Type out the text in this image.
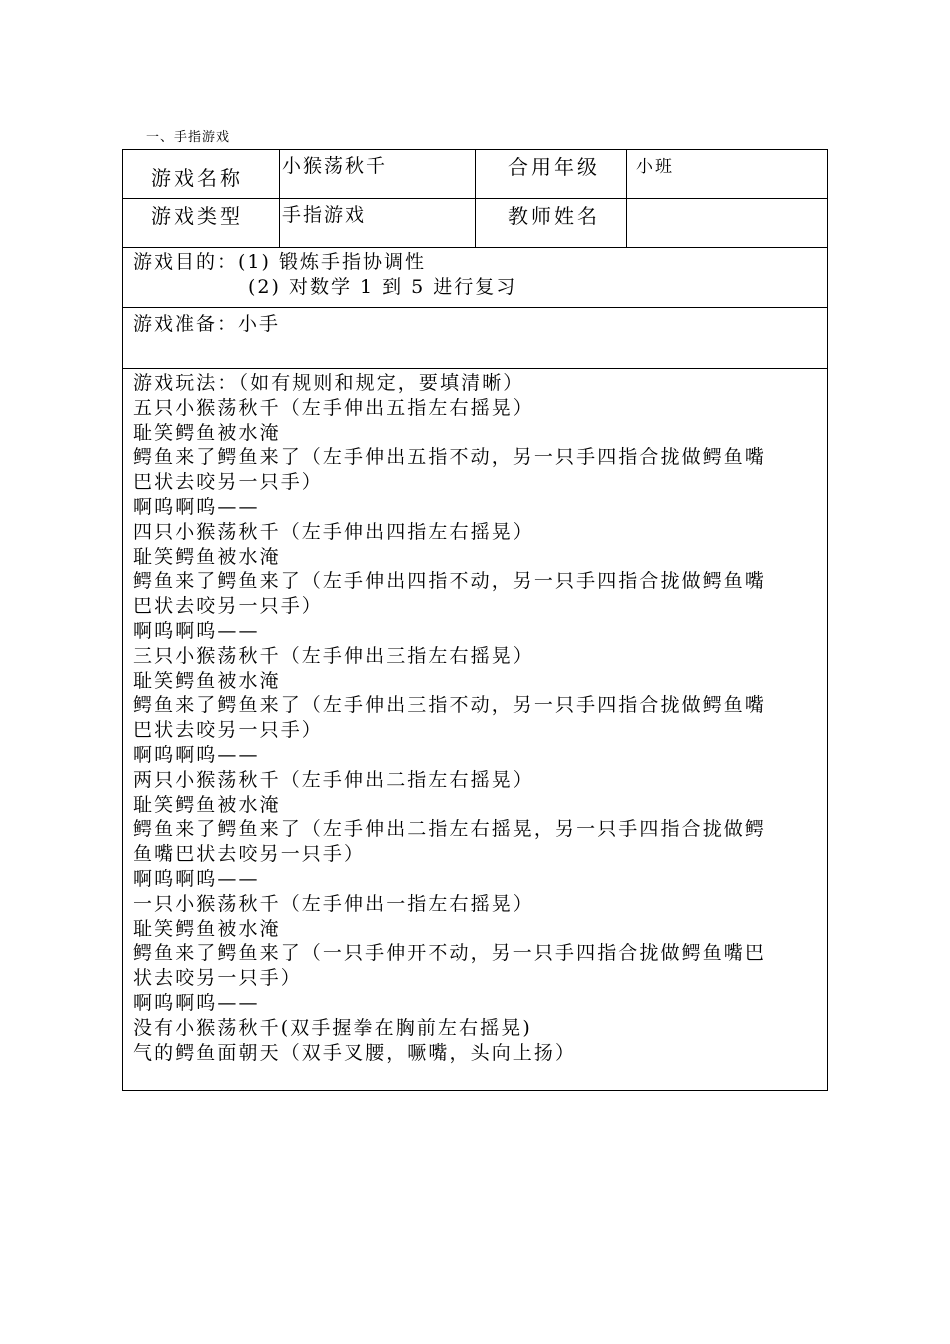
一、手指游戏
游戏名称 小猴荡秋千	合用年级 小班
游戏类型 手指游戏	教师姓名
游戏目的：(1) 锻炼手指协调性
(2) 对数学 1 到 5 进行复习
游戏准备：小手
游戏玩法：（如有规则和规定，要填清晰）
五只小猴荡秋千（左手伸出五指左右摇晃）
耻笑鳄鱼被水淹
鳄鱼来了鳄鱼来了（左手伸出五指不动，另一只手四指合拢做鳄鱼嘴
巴状去咬另一只手）
啊呜啊呜——
四只小猴荡秋千（左手伸出四指左右摇晃）
耻笑鳄鱼被水淹
鳄鱼来了鳄鱼来了（左手伸出四指不动，另一只手四指合拢做鳄鱼嘴
巴状去咬另一只手）
啊呜啊呜——
三只小猴荡秋千（左手伸出三指左右摇晃）
耻笑鳄鱼被水淹
鳄鱼来了鳄鱼来了（左手伸出三指不动，另一只手四指合拢做鳄鱼嘴
巴状去咬另一只手）
啊呜啊呜——
两只小猴荡秋千（左手伸出二指左右摇晃）
耻笑鳄鱼被水淹
鳄鱼来了鳄鱼来了（左手伸出二指左右摇晃，另一只手四指合拢做鳄
鱼嘴巴状去咬另一只手）
啊呜啊呜——
一只小猴荡秋千（左手伸出一指左右摇晃）
耻笑鳄鱼被水淹
鳄鱼来了鳄鱼来了（一只手伸开不动，另一只手四指合拢做鳄鱼嘴巴
状去咬另一只手）
啊呜啊呜——
没有小猴荡秋千(双手握拳在胸前左右摇晃)
气的鳄鱼面朝天（双手叉腰，噘嘴，头向上扬）
